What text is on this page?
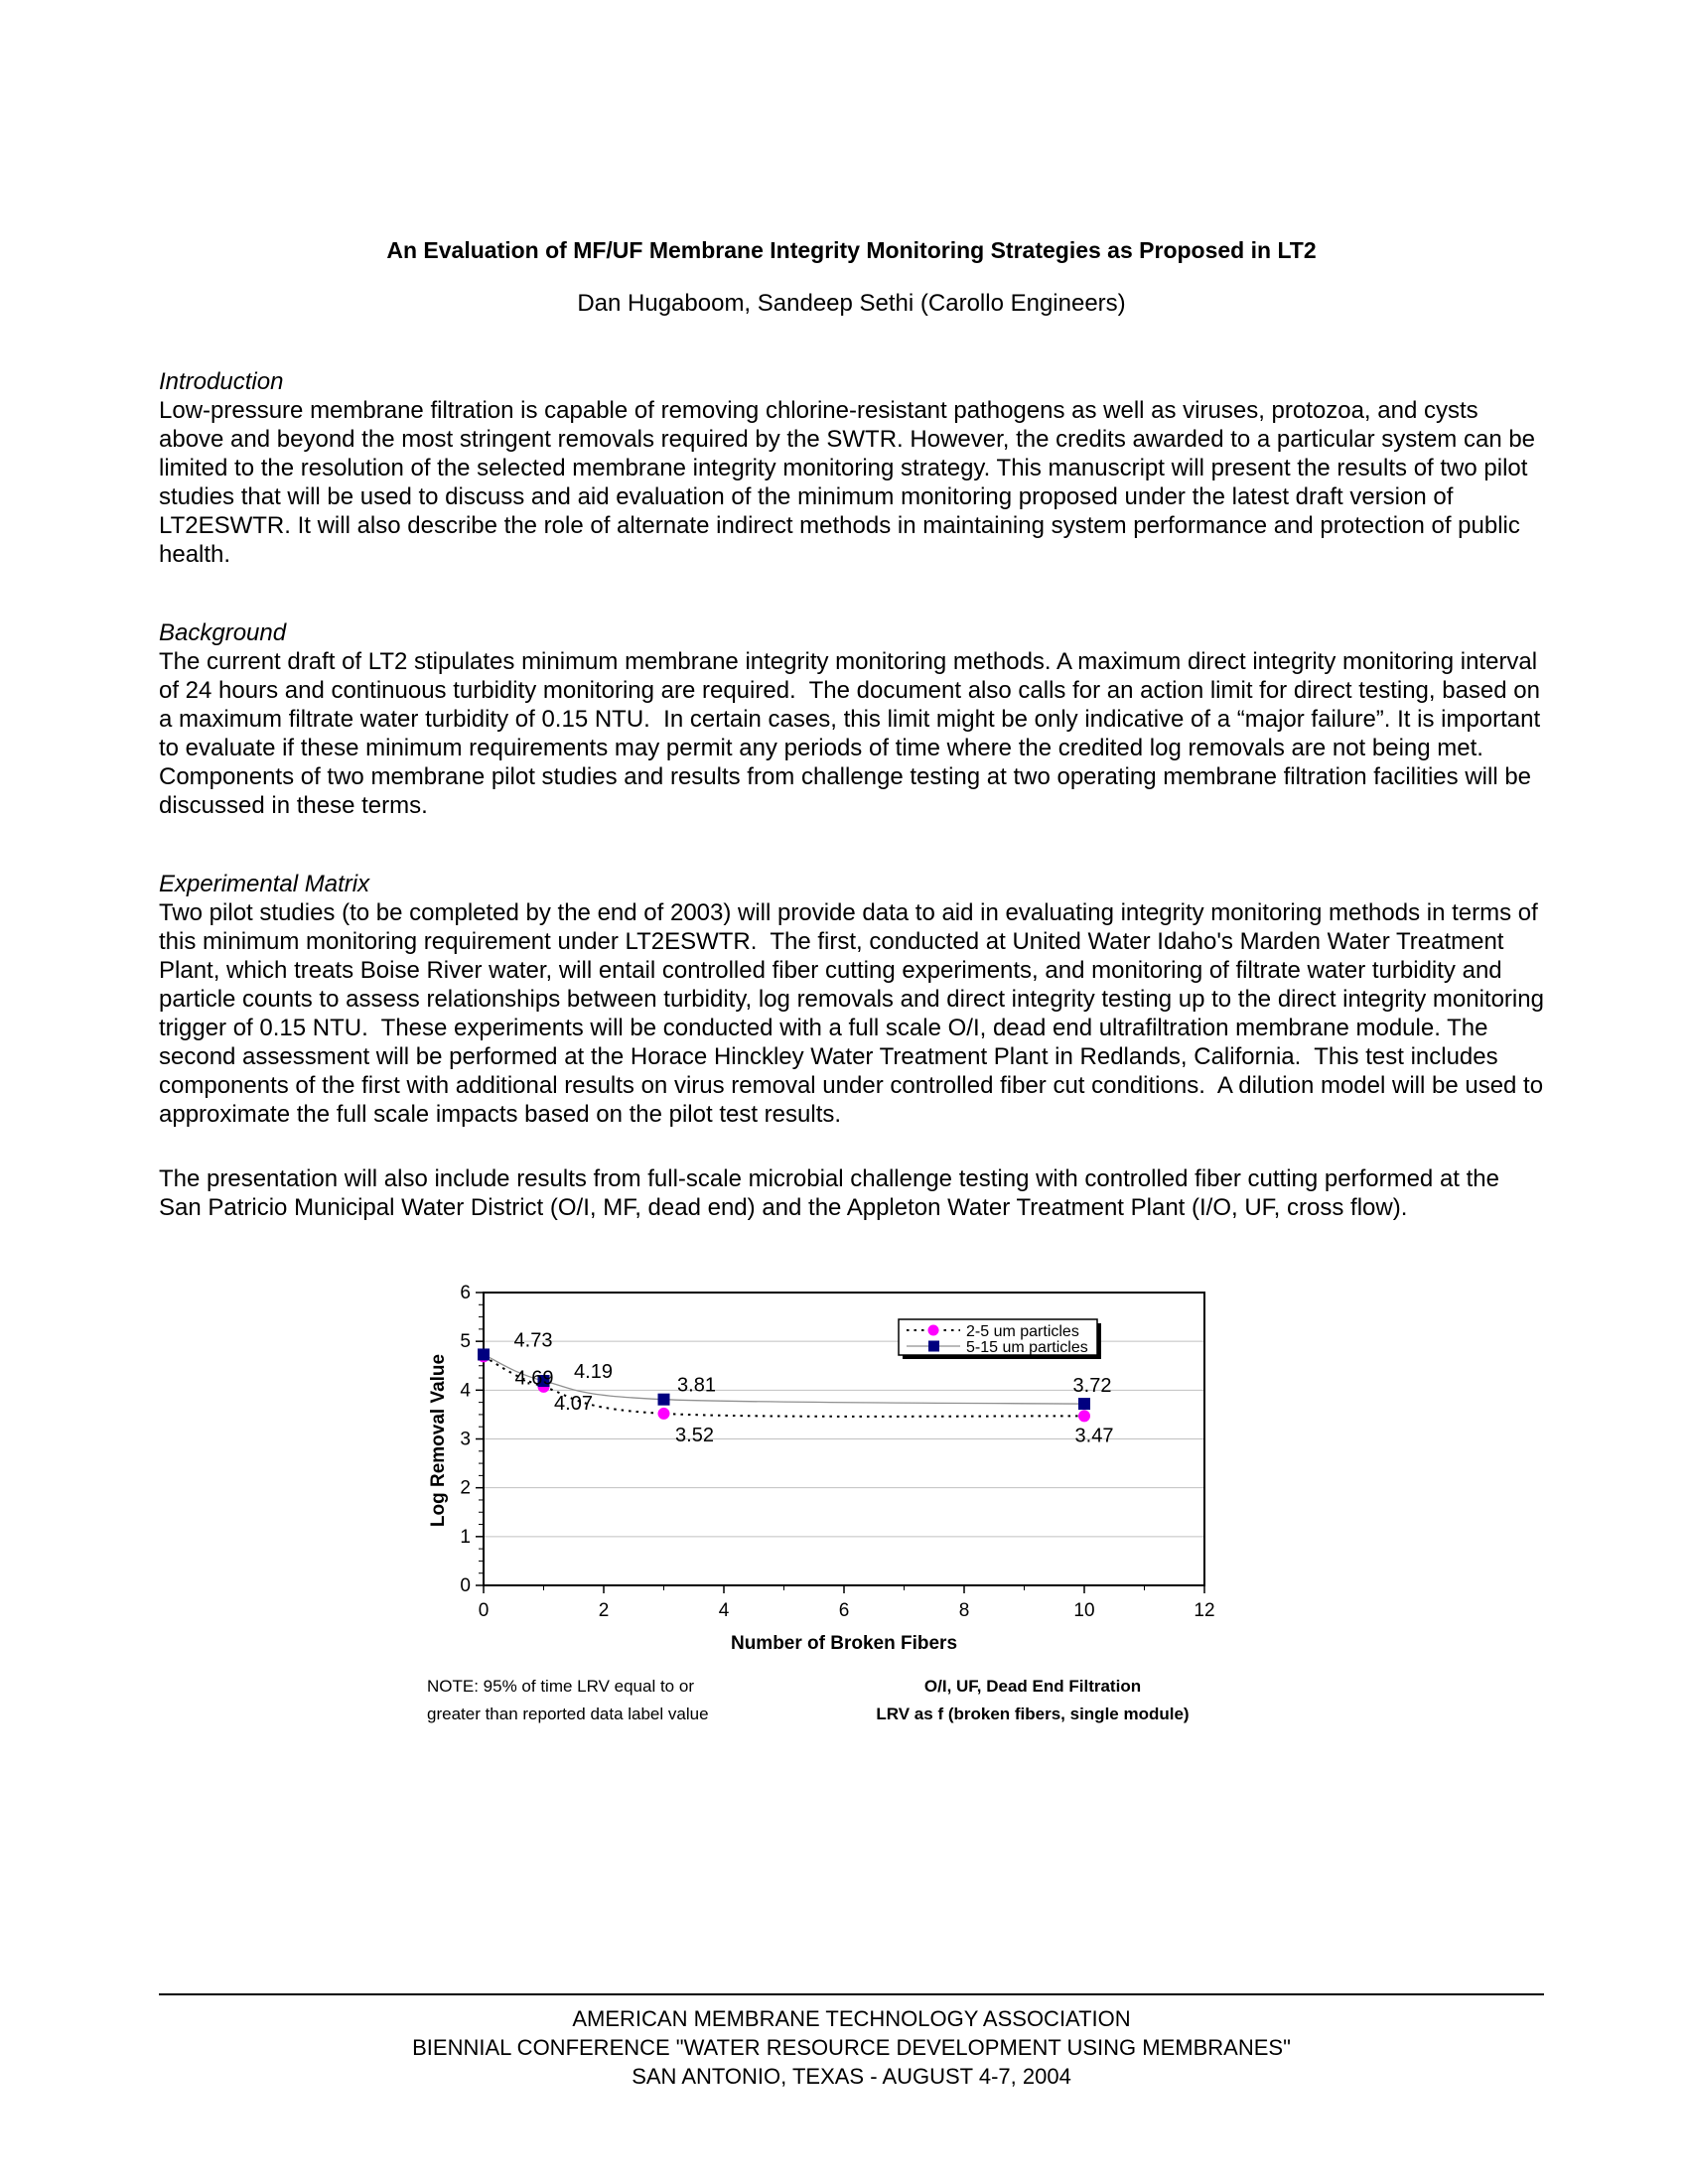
An Evaluation of MF/UF Membrane Integrity Monitoring Strategies as Proposed in LT2
Dan Hugaboom, Sandeep Sethi (Carollo Engineers)
Introduction

Low-pressure membrane filtration is capable of removing chlorine-resistant pathogens as well as viruses, protozoa, and cysts above and beyond the most stringent removals required by the SWTR. However, the credits awarded to a particular system can be limited to the resolution of the selected membrane integrity monitoring strategy. This manuscript will present the results of two pilot studies that will be used to discuss and aid evaluation of the minimum monitoring proposed under the latest draft version of LT2ESWTR. It will also describe the role of alternate indirect methods in maintaining system performance and protection of public health.

Background

The current draft of LT2 stipulates minimum membrane integrity monitoring methods. A maximum direct integrity monitoring interval of 24 hours and continuous turbidity monitoring are required.  The document also calls for an action limit for direct testing, based on a maximum filtrate water turbidity of 0.15 NTU.  In certain cases, this limit might be only indicative of a “major failure”. It is important to evaluate if these minimum requirements may permit any periods of time where the credited log removals are not being met.  Components of two membrane pilot studies and results from challenge testing at two operating membrane filtration facilities will be discussed in these terms.

Experimental Matrix

Two pilot studies (to be completed by the end of 2003) will provide data to aid in evaluating integrity monitoring methods in terms of this minimum monitoring requirement under LT2ESWTR.  The first, conducted at United Water Idaho's Marden Water Treatment Plant, which treats Boise River water, will entail controlled fiber cutting experiments, and monitoring of filtrate water turbidity and particle counts to assess relationships between turbidity, log removals and direct integrity testing up to the direct integrity monitoring trigger of 0.15 NTU.  These experiments will be conducted with a full scale O/I, dead end ultrafiltration membrane module. The second assessment will be performed at the Horace Hinckley Water Treatment Plant in Redlands, California.  This test includes components of the first with additional results on virus removal under controlled fiber cut conditions.  A dilution model will be used to approximate the full scale impacts based on the pilot test results.

The presentation will also include results from full-scale microbial challenge testing with controlled fiber cutting performed at the San Patricio Municipal Water District (O/I, MF, dead end) and the Appleton Water Treatment Plant (I/O, UF, cross flow).

0
1
2
3
4
5
6
0	2	4	6	8	10	12
Number of Broken Fibers
Log Removal Value	4.69
4.07
3.52	3.47
4.73
4.19
3.81	3.72
2-5 um particles
5-15 um particles
NOTE: 95% of time LRV equal to or greater than reported data label value
O/I, UF, Dead End Filtration
LRV as f (broken fibers, single module)
AMERICAN MEMBRANE TECHNOLOGY ASSOCIATION
BIENNIAL CONFERENCE "WATER RESOURCE DEVELOPMENT USING MEMBRANES"
SAN ANTONIO, TEXAS - AUGUST 4-7, 2004
